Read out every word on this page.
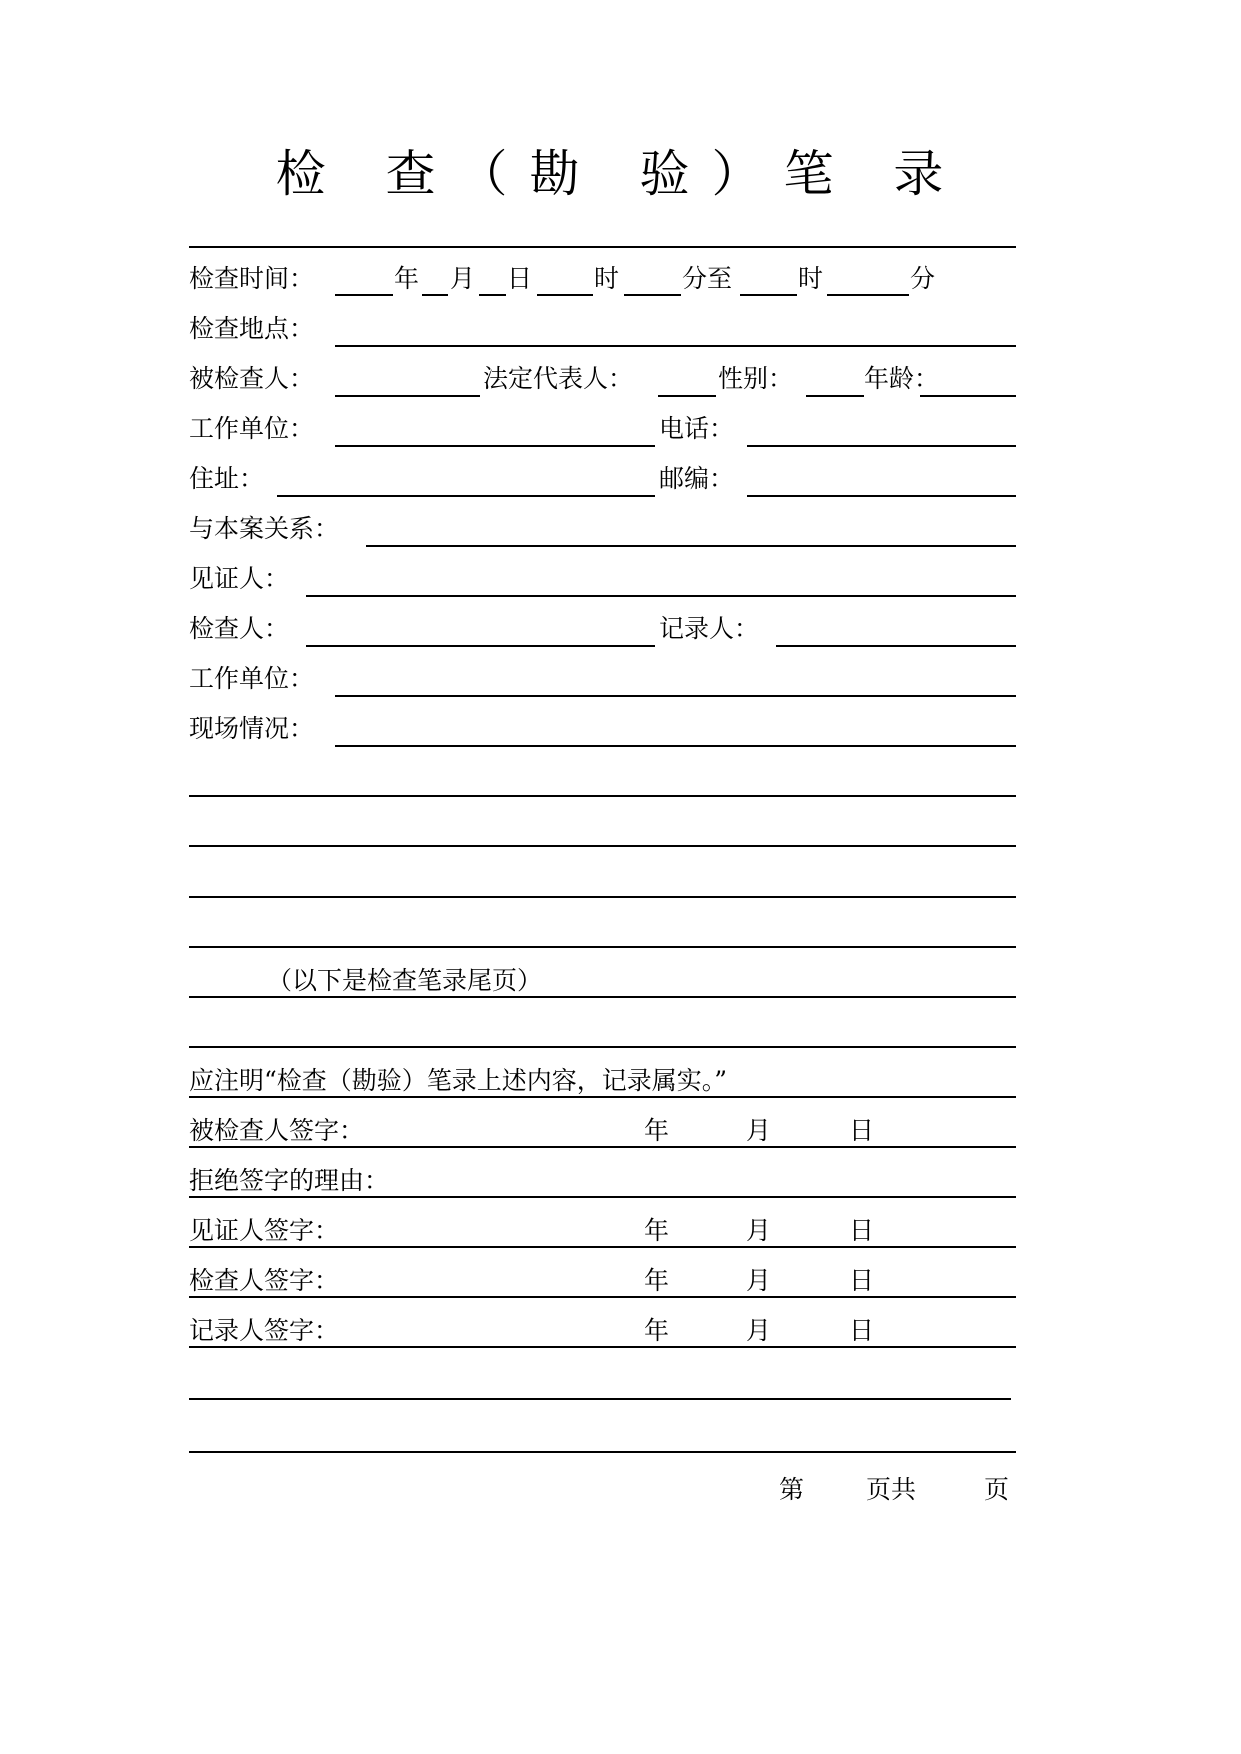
检 查（勘 验）笔 录
检查时间：	年 月 日 时	分至	时	分
检查地点：
被检查人：	法定代表人：	性别：	年龄：
工作单位：	电话：
住址：	邮编：
与本案关系：
见证人：
检查人：	记录人：
工作单位：
现场情况：
（以下是检查笔录尾页）
应注明“检查（勘验）笔录上述内容，记录属实。”
被检查人签字：	年	月	日
拒绝签字的理由：
见证人签字：	年	月	日
检查人签字：	年	月	日
记录人签字：	年	月	日
第 页共	页
